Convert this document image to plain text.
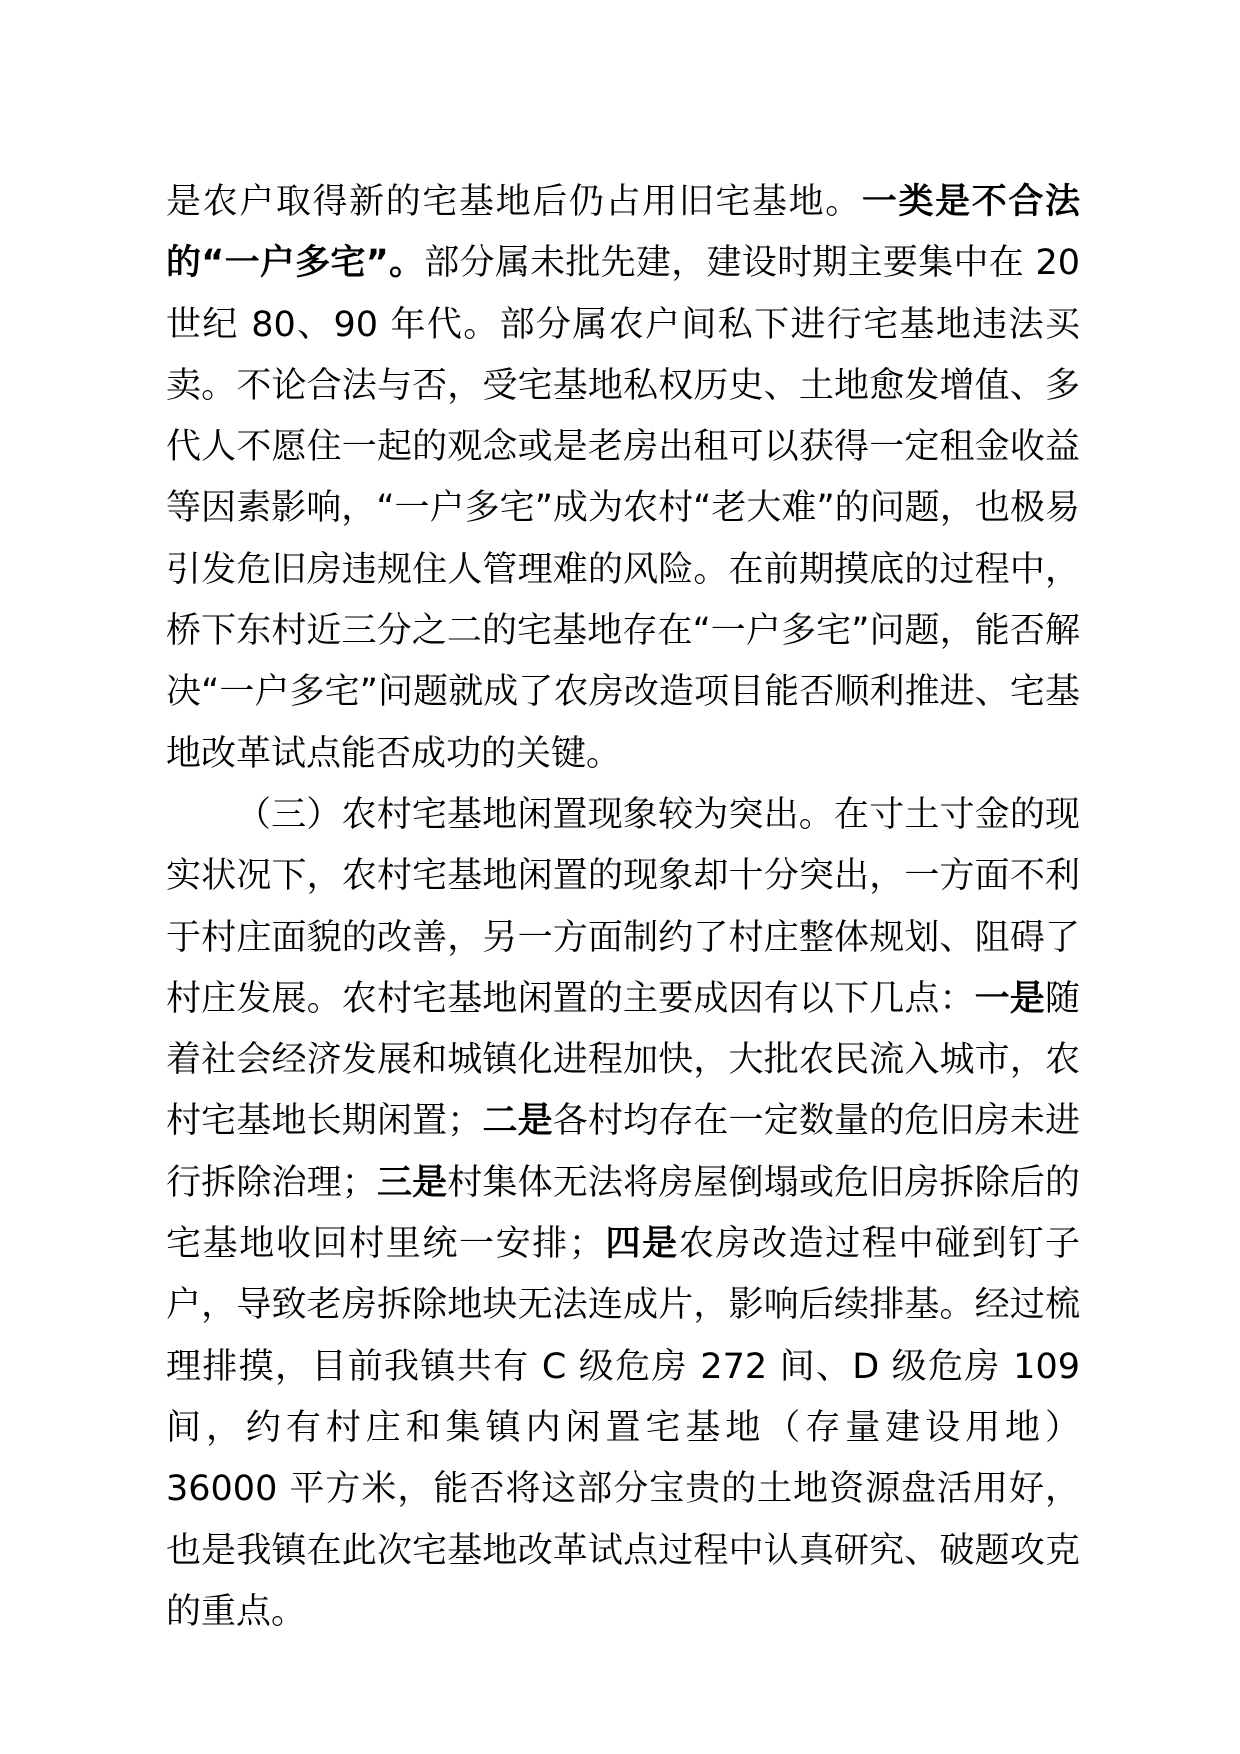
是农户取得新的宅基地后仍占用旧宅基地。一类是不合法的“一户多宅”。部分属未批先建，建设时期主要集中在 20 世纪 80、90 年代。部分属农户间私下进行宅基地违法买卖。不论合法与否，受宅基地私权历史、土地愈发增值、多代人不愿住一起的观念或是老房出租可以获得一定租金收益等因素影响，“一户多宅”成为农村“老大难”的问题，也极易引发危旧房违规住人管理难的风险。在前期摸底的过程中，桥下东村近三分之二的宅基地存在“一户多宅”问题，能否解决“一户多宅”问题就成了农房改造项目能否顺利推进、宅基地改革试点能否成功的关键。

（三）农村宅基地闲置现象较为突出。在寸土寸金的现实状况下，农村宅基地闲置的现象却十分突出，一方面不利于村庄面貌的改善，另一方面制约了村庄整体规划、阻碍了村庄发展。农村宅基地闲置的主要成因有以下几点：一是随着社会经济发展和城镇化进程加快，大批农民流入城市，农村宅基地长期闲置；二是各村均存在一定数量的危旧房未进行拆除治理；三是村集体无法将房屋倒塌或危旧房拆除后的宅基地收回村里统一安排；四是农房改造过程中碰到钉子户，导致老房拆除地块无法连成片，影响后续排基。经过梳理排摸，目前我镇共有 C 级危房 272 间、D 级危房 109 间，约有村庄和集镇内闲置宅基地（存量建设用地）36000 平方米，能否将这部分宝贵的土地资源盘活用好，也是我镇在此次宅基地改革试点过程中认真研究、破题攻克的重点。
